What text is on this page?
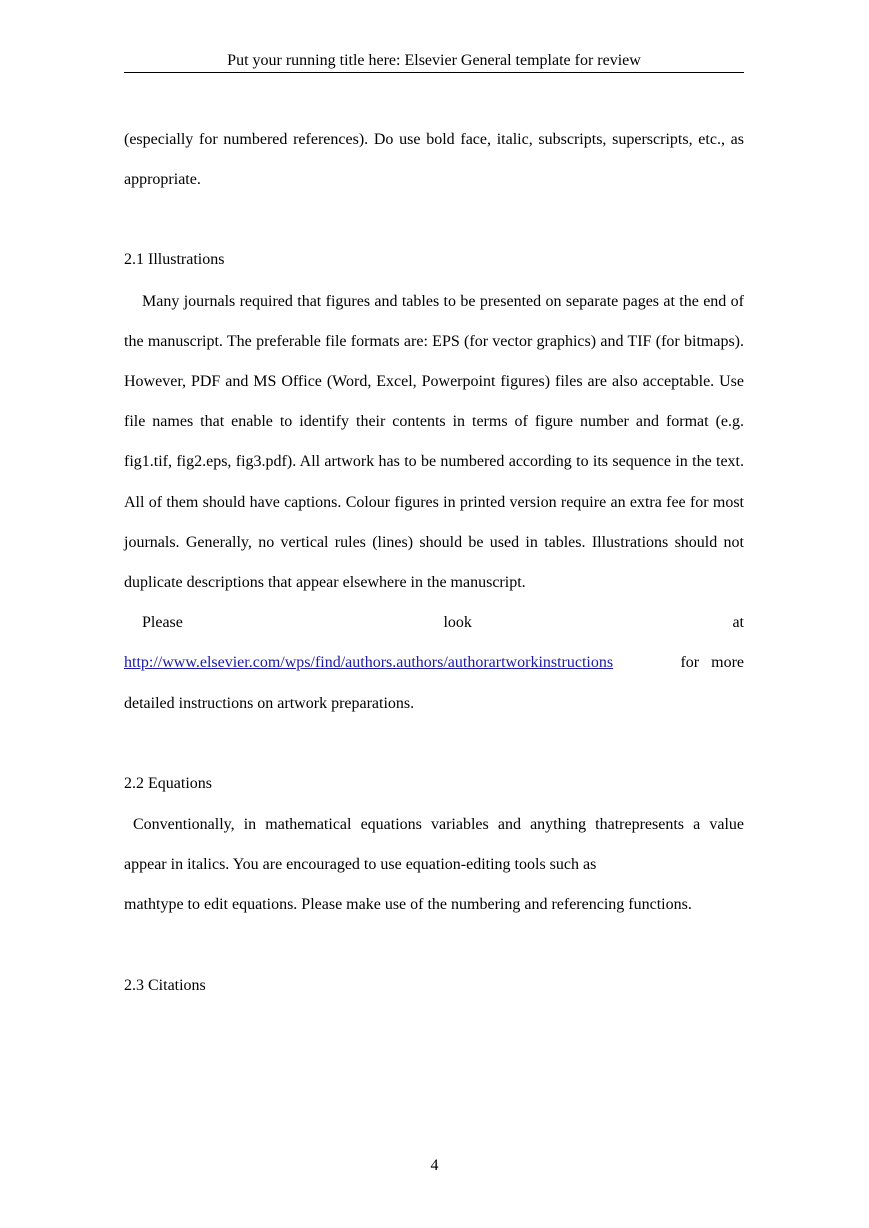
Put your running title here: Elsevier General template for review

(especially for numbered references). Do use bold face, italic, subscripts, superscripts, etc., as appropriate.

2.1 Illustrations

Many journals required that figures and tables to be presented on separate pages at the end of the manuscript. The preferable file formats are: EPS (for vector graphics) and TIF (for bitmaps). However, PDF and MS Office (Word, Excel, Powerpoint figures) files are also acceptable. Use file names that enable to identify their contents in terms of figure number and format (e.g. fig1.tif, fig2.eps, fig3.pdf). All artwork has to be numbered according to its sequence in the text. All of them should have captions. Colour figures in printed version require an extra fee for most journals. Generally, no vertical rules (lines) should be used in tables. Illustrations should not duplicate descriptions that appear elsewhere in the manuscript.

Please	look	at
http://www.elsevier.com/wps/find/authors.authors/authorartworkinstructions	for more

detailed instructions on artwork preparations.

2.2 Equations

Conventionally, in mathematical equations variables and anything thatrepresents a value appear in italics. You are encouraged to use equation-editing tools such as

mathtype to edit equations. Please make use of the numbering and referencing functions.

2.3 Citations

4
